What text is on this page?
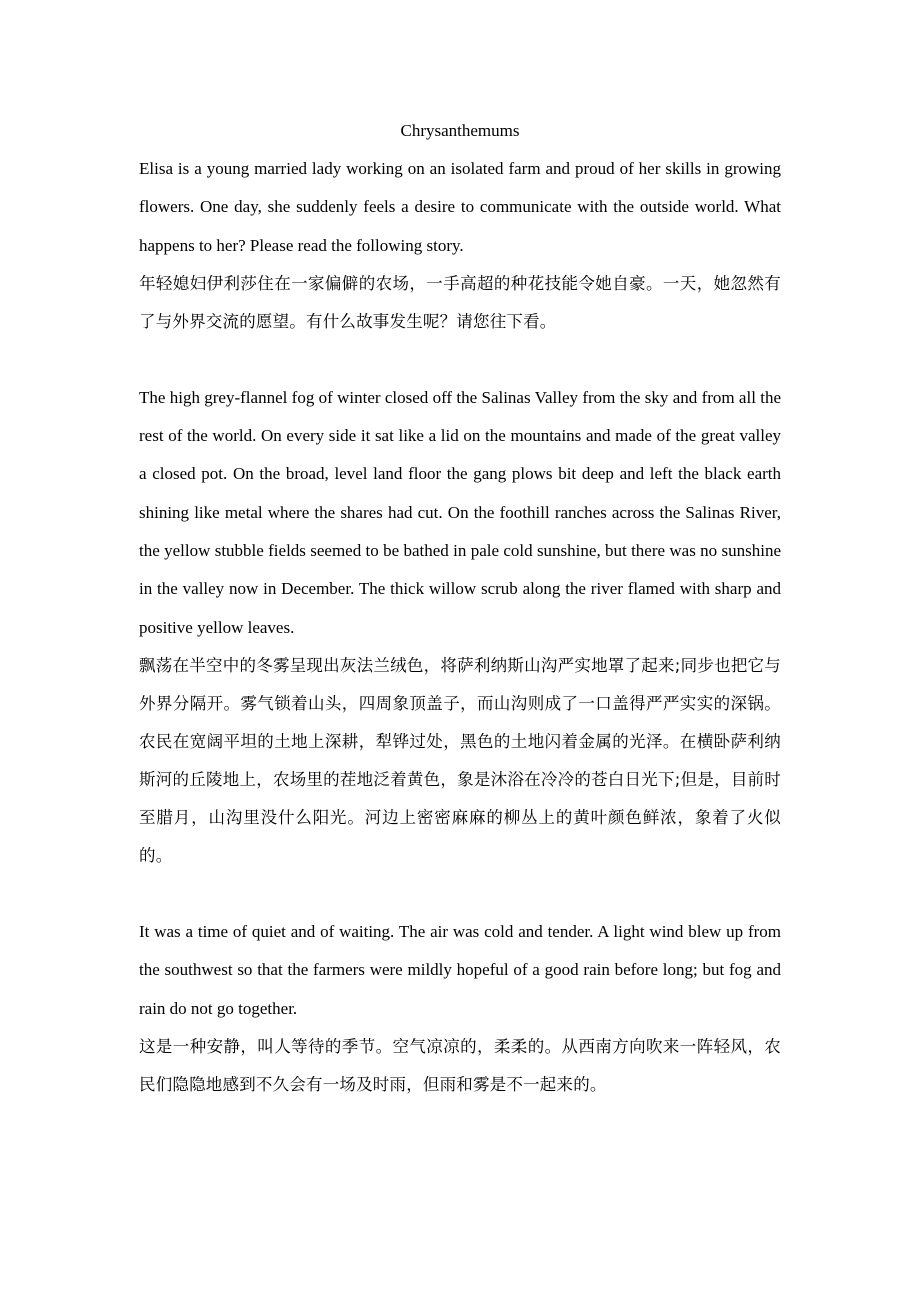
Chrysanthemums

Elisa is a young married lady working on an isolated farm and proud of her skills in growing flowers. One day, she suddenly feels a desire to communicate with the outside world. What happens to her? Please read the following story.

年轻媳妇伊利莎住在一家偏僻的农场，一手高超的种花技能令她自豪。一天，她忽然有了与外界交流的愿望。有什么故事发生呢？请您往下看。

The high grey-flannel fog of winter closed off the Salinas Valley from the sky and from all the rest of the world. On every side it sat like a lid on the mountains and made of the great valley a closed pot. On the broad, level land floor the gang plows bit deep and left the black earth shining like metal where the shares had cut. On the foothill ranches across the Salinas River, the yellow stubble fields seemed to be bathed in pale cold sunshine, but there was no sunshine in the valley now in December. The thick willow scrub along the river flamed with sharp and positive yellow leaves.

飘荡在半空中的冬雾呈现出灰法兰绒色，将萨利纳斯山沟严实地罩了起来;同步也把它与外界分隔开。雾气锁着山头，四周象顶盖子，而山沟则成了一口盖得严严实实的深锅。农民在宽阔平坦的土地上深耕，犁铧过处，黑色的土地闪着金属的光泽。在横卧萨利纳斯河的丘陵地上，农场里的茬地泛着黄色，象是沐浴在冷冷的苍白日光下;但是，目前时至腊月，山沟里没什么阳光。河边上密密麻麻的柳丛上的黄叶颜色鲜浓，象着了火似的。

It was a time of quiet and of waiting. The air was cold and tender. A light wind blew up from the southwest so that the farmers were mildly hopeful of a good rain before long; but fog and rain do not go together.

这是一种安静，叫人等待的季节。空气凉凉的，柔柔的。从西南方向吹来一阵轻风，农民们隐隐地感到不久会有一场及时雨，但雨和雾是不一起来的。
